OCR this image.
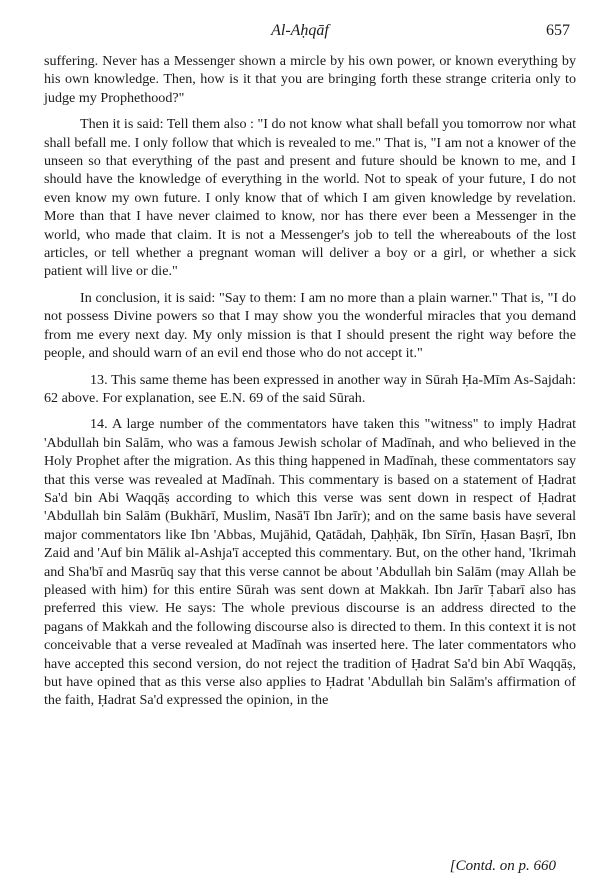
Al-Aḥqāf	657

suffering. Never has a Messenger shown a mircle by his own power, or known everything by his own knowledge. Then, how is it that you are bringing forth these strange criteria only to judge my Prophethood?"

Then it is said: Tell them also : "I do not know what shall befall you tomorrow nor what shall befall me. I only follow that which is revealed to me." That is, "I am not a knower of the unseen so that everything of the past and present and future should be known to me, and I should have the knowledge of everything in the world. Not to speak of your future, I do not even know my own future. I only know that of which I am given knowledge by revelation. More than that I have never claimed to know, nor has there ever been a Messenger in the world, who made that claim. It is not a Messenger's job to tell the whereabouts of the lost articles, or tell whether a pregnant woman will deliver a boy or a girl, or whether a sick patient will live or die."

In conclusion, it is said: "Say to them: I am no more than a plain warner." That is, "I do not possess Divine powers so that I may show you the wonderful miracles that you demand from me every next day. My only mission is that I should present the right way before the people, and should warn of an evil end those who do not accept it."

13. This same theme has been expressed in another way in Sūrah Ḥa-Mīm As-Sajdah: 62 above. For explanation, see E.N. 69 of the said Sūrah.

14. A large number of the commentators have taken this "witness" to imply Ḥadrat 'Abdullah bin Salām, who was a famous Jewish scholar of Madīnah, and who believed in the Holy Prophet after the migration. As this thing happened in Madīnah, these commentators say that this verse was revealed at Madīnah. This commentary is based on a statement of Ḥadrat Sa'd bin Abi Waqqāṣ according to which this verse was sent down in respect of Ḥadrat 'Abdullah bin Salām (Bukhārī, Muslim, Nasā'ī Ibn Jarīr); and on the same basis have several major commentators like Ibn 'Abbas, Mujāhid, Qatādah, Ḍaḥḥāk, Ibn Sīrīn, Ḥasan Baṣrī, Ibn Zaid and 'Auf bin Mālik al-Ashja'ī accepted this commentary. But, on the other hand, 'Ikrimah and Sha'bī and Masrūq say that this verse cannot be about 'Abdullah bin Salām (may Allah be pleased with him) for this entire Sūrah was sent down at Makkah. Ibn Jarīr Ṭabarī also has preferred this view. He says: The whole previous discourse is an address directed to the pagans of Makkah and the following discourse also is directed to them. In this context it is not conceivable that a verse revealed at Madīnah was inserted here. The later commentators who have accepted this second version, do not reject the tradition of Ḥadrat Sa'd bin Abī Waqqāṣ, but have opined that as this verse also applies to Ḥadrat 'Abdullah bin Salām's affirmation of the faith, Ḥadrat Sa'd expressed the opinion, in the

[Contd. on p. 660
